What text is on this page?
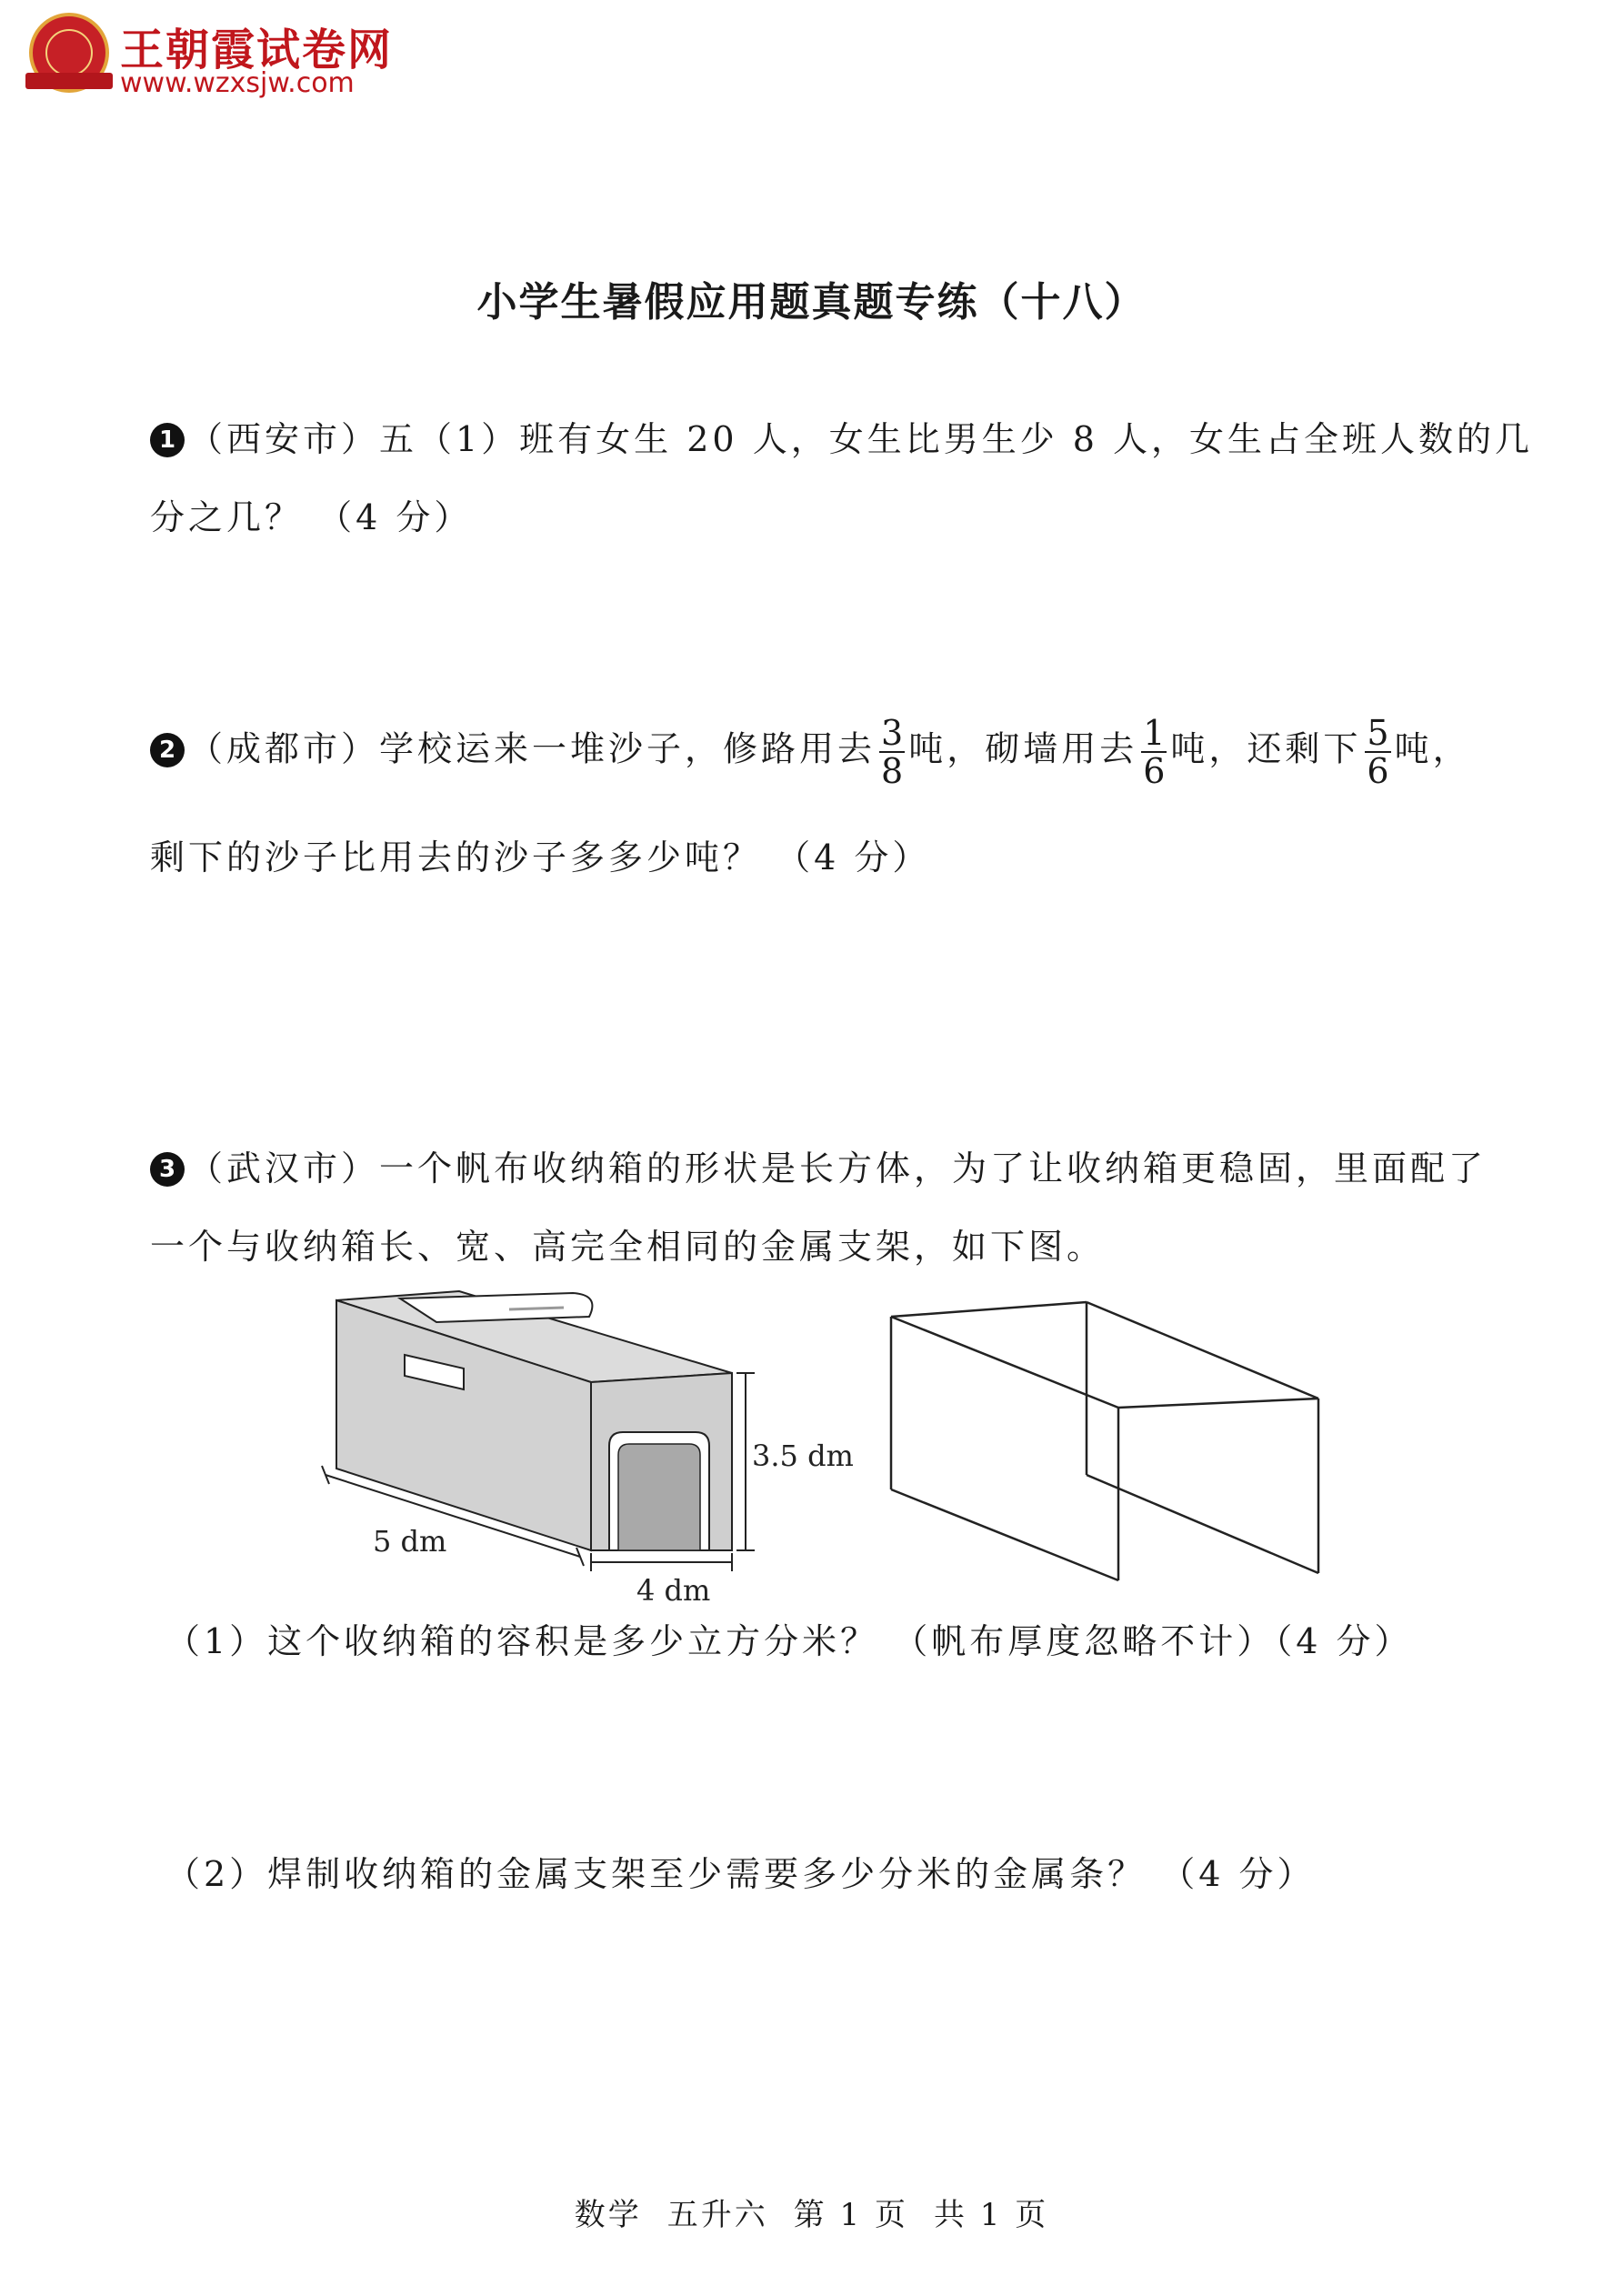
王朝霞试卷网
www.wzxsjw.com
小学生暑假应用题真题专练（十八）
1 （西安市）五（1）班有女生 20 人，女生比男生少 8 人，女生占全班人数的几
分之几？ （4 分）
2 （成都市）学校运来一堆沙子，修路用去 $\frac{3}{8}$ 吨，砌墙用去 $\frac{1}{6}$ 吨，还剩下 $\frac{5}{6}$ 吨，
剩下的沙子比用去的沙子多多少吨？ （4 分）
3 （武汉市）一个帆布收纳箱的形状是长方体，为了让收纳箱更稳固，里面配了
一个与收纳箱长、宽、高完全相同的金属支架，如下图。
3.5 dm
5 dm
4 dm
（1）这个收纳箱的容积是多少立方分米？ （帆布厚度忽略不计）（4 分）
（2）焊制收纳箱的金属支架至少需要多少分米的金属条？ （4 分）
数学 五升六 第 1 页 共 1 页
